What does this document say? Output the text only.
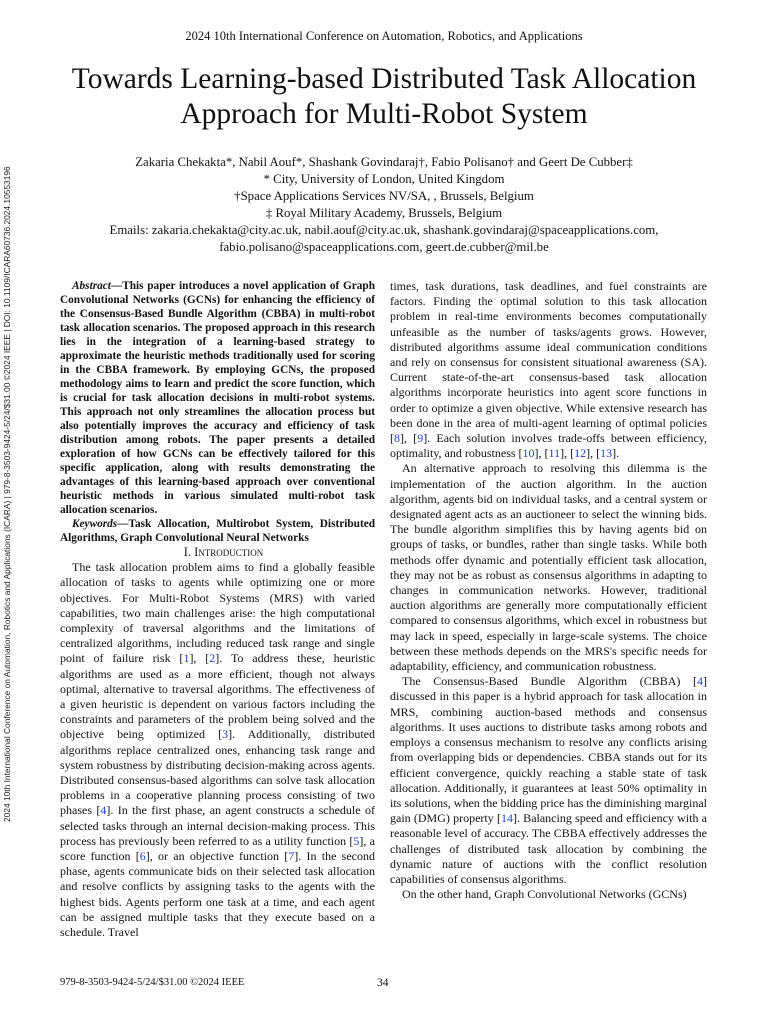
2024 10th International Conference on Automation, Robotics, and Applications
Towards Learning-based Distributed Task Allocation
Approach for Multi-Robot System
Zakaria Chekakta*, Nabil Aouf*, Shashank Govindaraj†, Fabio Polisano† and Geert De Cubber‡
* City, University of London, United Kingdom
†Space Applications Services NV/SA, , Brussels, Belgium
‡ Royal Military Academy, Brussels, Belgium
Emails: zakaria.chekakta@city.ac.uk, nabil.aouf@city.ac.uk, shashank.govindaraj@spaceapplications.com,
fabio.polisano@spaceapplications.com, geert.de.cubber@mil.be
2024 10th International Conference on Automation, Robotics and Applications (ICARA) | 979-8-3503-9424-5/24/$31.00 ©2024 IEEE | DOI: 10.1109/ICARA60736.2024.10553196	Abstract—This paper introduces a novel application of Graph Convolutional Networks (GCNs) for enhancing the efficiency of the Consensus-Based Bundle Algorithm (CBBA) in multi-robot task allocation scenarios. The proposed approach in this research lies in the integration of a learning-based strategy to approximate the heuristic methods traditionally used for scoring in the CBBA framework. By employing GCNs, the proposed methodology aims to learn and predict the score function, which is crucial for task allocation decisions in multi-robot systems. This approach not only streamlines the allocation process but also potentially improves the accuracy and efficiency of task distribution among robots. The paper presents a detailed exploration of how GCNs can be effectively tailored for this specific application, along with results demonstrating the advantages of this learning-based approach over conventional heuristic methods in various simulated multi-robot task allocation scenarios.

Keywords—Task Allocation, Multirobot System, Distributed Algorithms, Graph Convolutional Neural Networks

I. Introduction

The task allocation problem aims to find a globally feasible allocation of tasks to agents while optimizing one or more objectives. For Multi-Robot Systems (MRS) with varied capabilities, two main challenges arise: the high computational complexity of traversal algorithms and the limitations of centralized algorithms, including reduced task range and single point of failure risk [1], [2]. To address these, heuristic algorithms are used as a more efficient, though not always optimal, alternative to traversal algorithms. The effectiveness of a given heuristic is dependent on various factors including the constraints and parameters of the problem being solved and the objective being optimized [3]. Additionally, distributed algorithms replace centralized ones, enhancing task range and system robustness by distributing decision-making across agents. Distributed consensus-based algorithms can solve task allocation problems in a cooperative planning process consisting of two phases [4]. In the first phase, an agent constructs a schedule of selected tasks through an internal decision-making process. This process has previously been referred to as a utility function [5], a score function [6], or an objective function [7]. In the second phase, agents communicate bids on their selected task allocation and resolve conflicts by assigning tasks to the agents with the highest bids. Agents perform one task at a time, and each agent can be assigned multiple tasks that they execute based on a schedule. Travel

times, task durations, task deadlines, and fuel constraints are factors. Finding the optimal solution to this task allocation problem in real-time environments becomes computationally unfeasible as the number of tasks/agents grows. However, distributed algorithms assume ideal communication conditions and rely on consensus for consistent situational awareness (SA). Current state-of-the-art consensus-based task allocation algorithms incorporate heuristics into agent score functions in order to optimize a given objective. While extensive research has been done in the area of multi-agent learning of optimal policies [8], [9]. Each solution involves trade-offs between efficiency, optimality, and robustness [10], [11], [12], [13].

An alternative approach to resolving this dilemma is the implementation of the auction algorithm. In the auction algorithm, agents bid on individual tasks, and a central system or designated agent acts as an auctioneer to select the winning bids. The bundle algorithm simplifies this by having agents bid on groups of tasks, or bundles, rather than single tasks. While both methods offer dynamic and potentially efficient task allocation, they may not be as robust as consensus algorithms in adapting to changes in communication networks. However, traditional auction algorithms are generally more computationally efficient compared to consensus algorithms, which excel in robustness but may lack in speed, especially in large-scale systems. The choice between these methods depends on the MRS's specific needs for adaptability, efficiency, and communication robustness.

The Consensus-Based Bundle Algorithm (CBBA) [4] discussed in this paper is a hybrid approach for task allocation in MRS, combining auction-based methods and consensus algorithms. It uses auctions to distribute tasks among robots and employs a consensus mechanism to resolve any conflicts arising from overlapping bids or dependencies. CBBA stands out for its efficient convergence, quickly reaching a stable state of task allocation. Additionally, it guarantees at least 50% optimality in its solutions, when the bidding price has the diminishing marginal gain (DMG) property [14]. Balancing speed and efficiency with a reasonable level of accuracy. The CBBA effectively addresses the challenges of distributed task allocation by combining the dynamic nature of auctions with the conflict resolution capabilities of consensus algorithms.

On the other hand, Graph Convolutional Networks (GCNs)

979-8-3503-9424-5/24/$31.00 ©2024 IEEE	34
